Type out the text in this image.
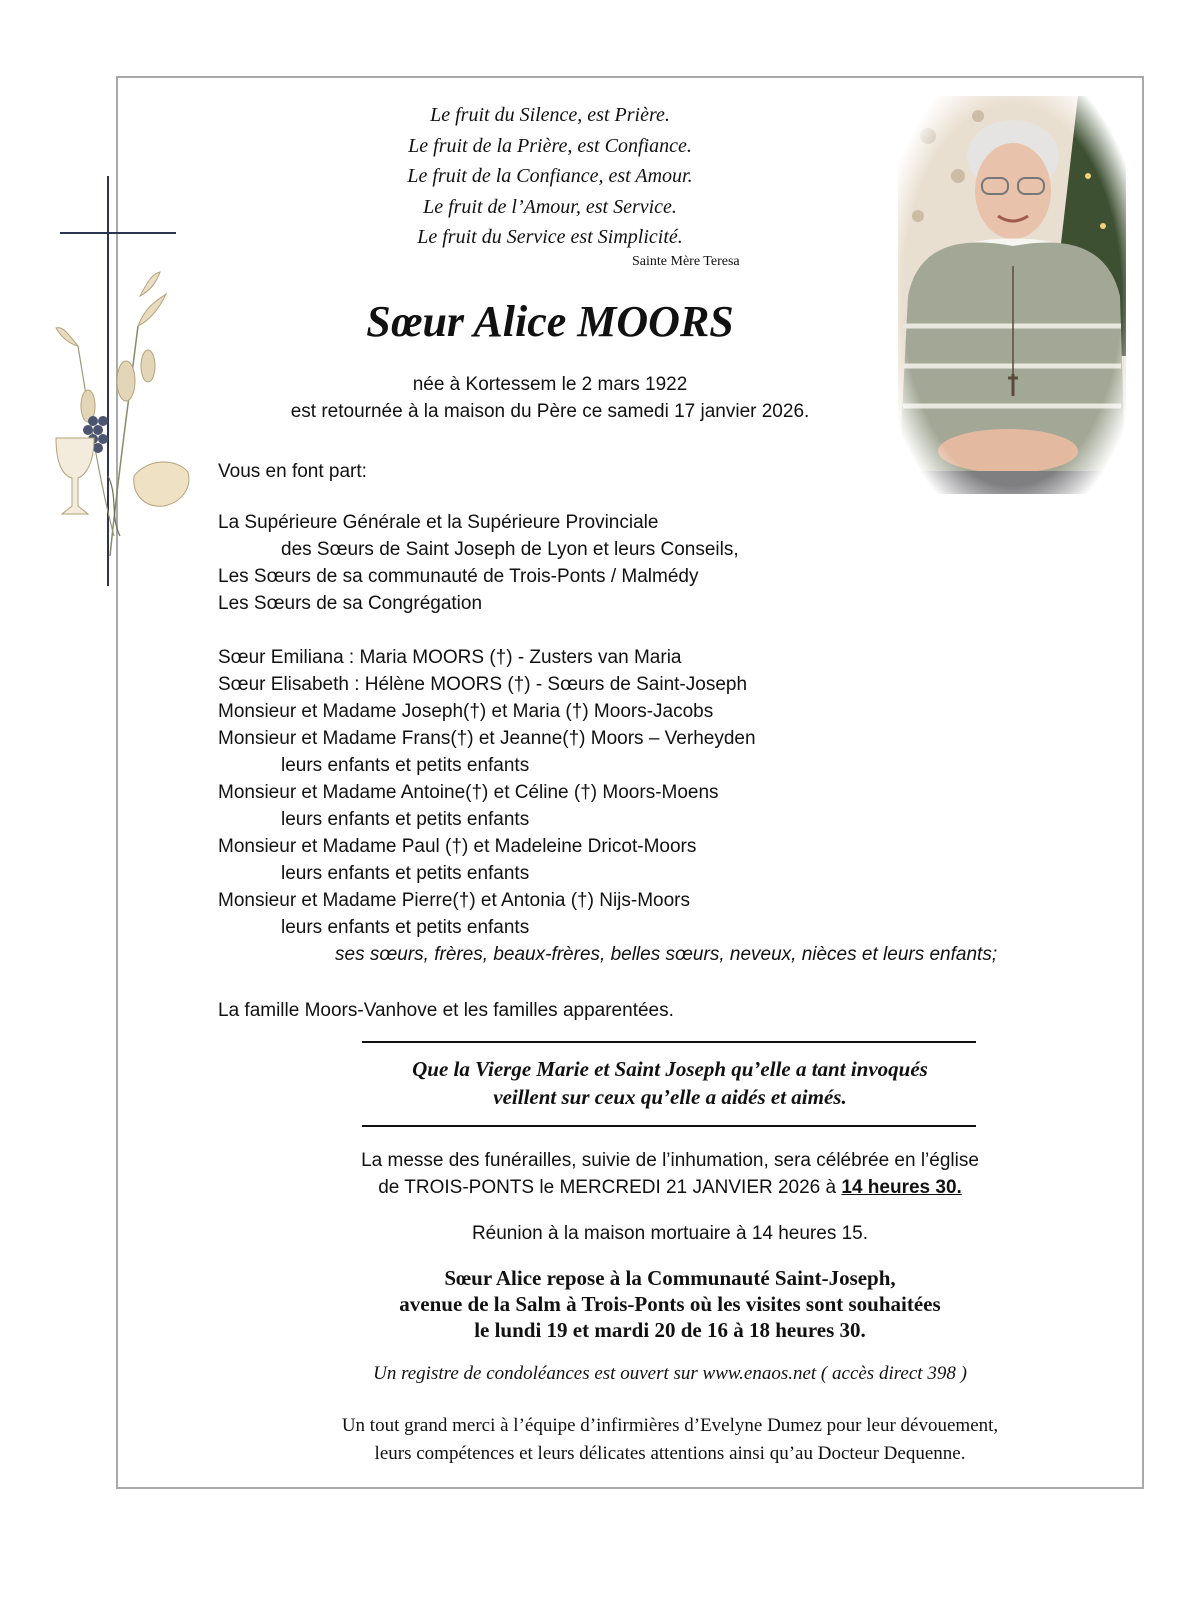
Le fruit du Silence, est Prière.
Le fruit de la Prière, est Confiance.
Le fruit de la Confiance, est Amour.
Le fruit de l’Amour, est Service.
Le fruit du Service est Simplicité.
Sainte Mère Teresa
Sœur Alice MOORS
née à Kortessem le 2 mars 1922
est retournée à la maison du Père ce samedi 17 janvier 2026.
Vous en font part:
La Supérieure Générale et la Supérieure Provinciale
des Sœurs de Saint Joseph de Lyon et leurs Conseils,
Les Sœurs de sa communauté de Trois-Ponts / Malmédy
Les Sœurs de sa Congrégation
Sœur Emiliana : Maria MOORS (†) - Zusters van Maria
Sœur Elisabeth : Hélène MOORS (†) - Sœurs de Saint-Joseph
Monsieur et Madame Joseph(†) et Maria (†) Moors-Jacobs
Monsieur et Madame Frans(†) et Jeanne(†) Moors – Verheyden
leurs enfants et petits enfants
Monsieur et Madame Antoine(†) et Céline (†) Moors-Moens
leurs enfants et petits enfants
Monsieur et Madame Paul (†) et Madeleine Dricot-Moors
leurs enfants et petits enfants
Monsieur et Madame Pierre(†) et Antonia (†) Nijs-Moors
leurs enfants et petits enfants
ses sœurs, frères, beaux-frères, belles sœurs, neveux, nièces et leurs enfants;
La famille Moors-Vanhove et les familles apparentées.
Que la Vierge Marie et Saint Joseph qu’elle a tant invoqués
veillent sur ceux qu’elle a aidés et aimés.
La messe des funérailles, suivie de l’inhumation, sera célébrée en l’église
de TROIS-PONTS le MERCREDI 21 JANVIER 2026 à 14 heures 30.
Réunion à la maison mortuaire à 14 heures 15.
Sœur Alice repose à la Communauté Saint-Joseph,
avenue de la Salm à Trois-Ponts où les visites sont souhaitées
le lundi 19 et mardi 20 de 16 à 18 heures 30.
Un registre de condoléances est ouvert sur www.enaos.net ( accès direct 398 )
Un tout grand merci à l’équipe d’infirmières d’Evelyne Dumez pour leur dévouement,
leurs compétences et leurs délicates attentions ainsi qu’au Docteur Dequenne.
